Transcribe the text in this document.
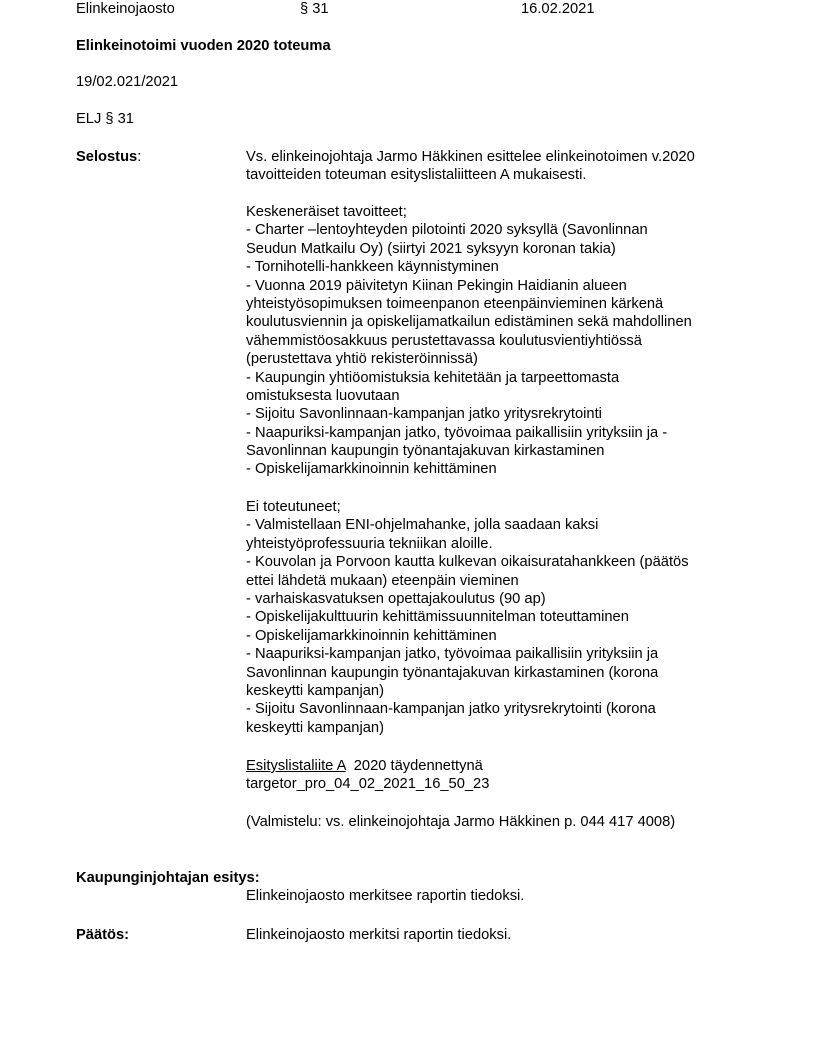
Elinkeinojaosto	§ 31	16.02.2021
Elinkeinotoimi vuoden 2020 toteuma
19/02.021/2021
ELJ § 31
Selostus:	Vs. elinkeinojohtaja Jarmo Häkkinen esittelee elinkeinotoimen v.2020
tavoitteiden toteuman esityslistaliitteen A mukaisesti.
Keskeneräiset tavoitteet;
- Charter –lentoyhteyden pilotointi 2020 syksyllä (Savonlinnan
Seudun Matkailu Oy) (siirtyi 2021 syksyyn koronan takia)
- Tornihotelli-hankkeen käynnistyminen
- Vuonna 2019 päivitetyn Kiinan Pekingin Haidianin alueen
yhteistyösopimuksen toimeenpanon eteenpäinvieminen kärkenä
koulutusviennin ja opiskelijamatkailun edistäminen sekä mahdollinen
vähemmistöosakkuus perustettavassa koulutusvientiyhtiössä
(perustettava yhtiö rekisteröinnissä)
- Kaupungin yhtiöomistuksia kehitetään ja tarpeettomasta
omistuksesta luovutaan
- Sijoitu Savonlinnaan-kampanjan jatko yritysrekrytointi
- Naapuriksi-kampanjan jatko, työvoimaa paikallisiin yrityksiin ja -
Savonlinnan kaupungin työnantajakuvan kirkastaminen
- Opiskelijamarkkinoinnin kehittäminen
Ei toteutuneet;
- Valmistellaan ENI-ohjelmahanke, jolla saadaan kaksi
yhteistyöprofessuuria tekniikan aloille.
- Kouvolan ja Porvoon kautta kulkevan oikaisuratahankkeen (päätös
ettei lähdetä mukaan) eteenpäin vieminen
- varhaiskasvatuksen opettajakoulutus (90 ap)
- Opiskelijakulttuurin kehittämissuunnitelman toteuttaminen
- Opiskelijamarkkinoinnin kehittäminen
- Naapuriksi-kampanjan jatko, työvoimaa paikallisiin yrityksiin ja
Savonlinnan kaupungin työnantajakuvan kirkastaminen (korona
keskeytti kampanjan)
- Sijoitu Savonlinnaan-kampanjan jatko yritysrekrytointi (korona
keskeytti kampanjan)
Esityslistaliite A  2020 täydennettynä
targetor_pro_04_02_2021_16_50_23
(Valmistelu: vs. elinkeinojohtaja Jarmo Häkkinen p. 044 417 4008)
Kaupunginjohtajan esitys:
Elinkeinojaosto merkitsee raportin tiedoksi.
Päätös:	Elinkeinojaosto merkitsi raportin tiedoksi.
